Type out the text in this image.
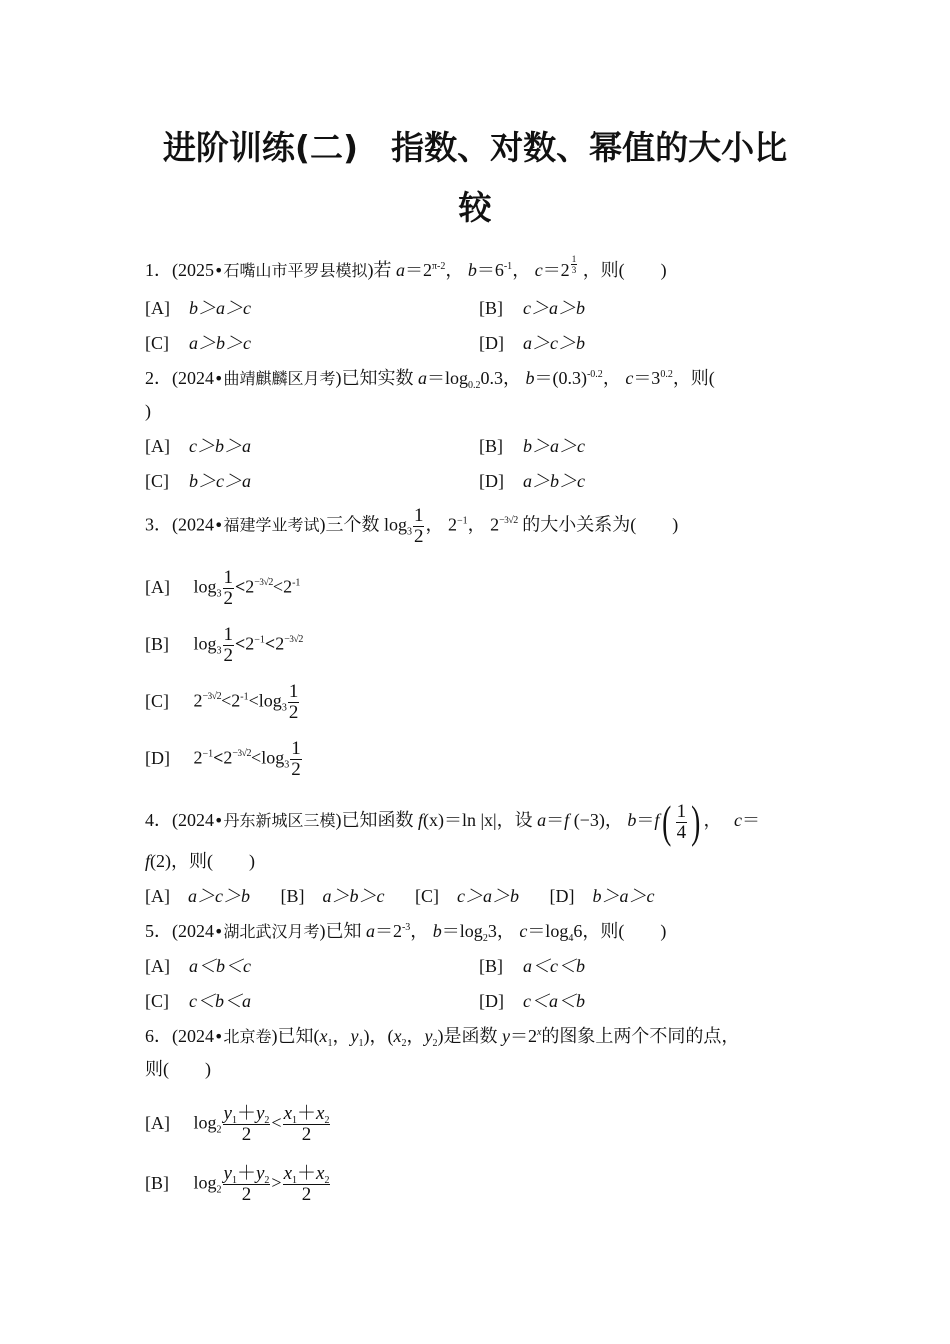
进阶训练(二)　指数、对数、幂值的大小比
较
1．(2025•石嘴山市平罗县模拟)若 $a=2^{\pi-2}$， $b=6^{-1}$， c＝2 $^{\frac{1}{3}}$ ，则(　　)
[A] b＞a＞c	[B] c＞a＞b
[C] a＞b＞c	[D] a＞c＞b
2．(2024•曲靖麒麟区月考)已知实数 $a=\log_{0.2}0.3$， $b=(0.3)^{-0.2}$， $c=3^{0.2}$，则(
)
[A] c＞b＞a	[B] b＞a＞c
[C] b＞c＞a	[D] a＞b＞c
3．(2024•福建学业考试)三个数 $\log_3 \frac{1}{2}$ ， $2^{-1}$， $2^{-3√2}$ 的大小关系为(　　)
[A] $\log_3 \frac{1}{2} <2^{-3√2}<2^{-1}$
[B] $\log_3 \frac{1}{2} <2^{-1}<2^{-3√2}$
[C] $2^{-3√2}<2^{-1}<\log_3 \frac{1}{2}$
[D] $2^{-1}<2^{-3√2}<\log_3 \frac{1}{2}$
4．(2024•丹东新城区三模)已知函数 f(x)＝ln |x|，设 a＝f (−3)， $b=f( \frac{1}{4}$ ) ， c＝
f(2)，则(　　)
[A]　 a＞c＞b [B]　 a＞b＞c [C]　 c＞a＞b [D]　 b＞a＞c
5．(2024•湖北武汉月考)已知 $a=2^{-3}$， $b=\log_23$， $c=\log_46$，则(　　)
[A] a＜b＜c	[B] a＜c＜b
[C] c＜b＜a	[D] c＜a＜b
6．(2024•北京卷)已知($x_1$，$y_1$)，($x_2$，$y_2$)是函数 $y=2^x$的图象上两个不同的点，
则(　　)
[A] $\log_2 \frac{y_1+y_2}{2} < \frac{x_1+x_2}{2}$
[B] $\log_2 \frac{y_1+y_2}{2} > \frac{x_1+x_2}{2}$
